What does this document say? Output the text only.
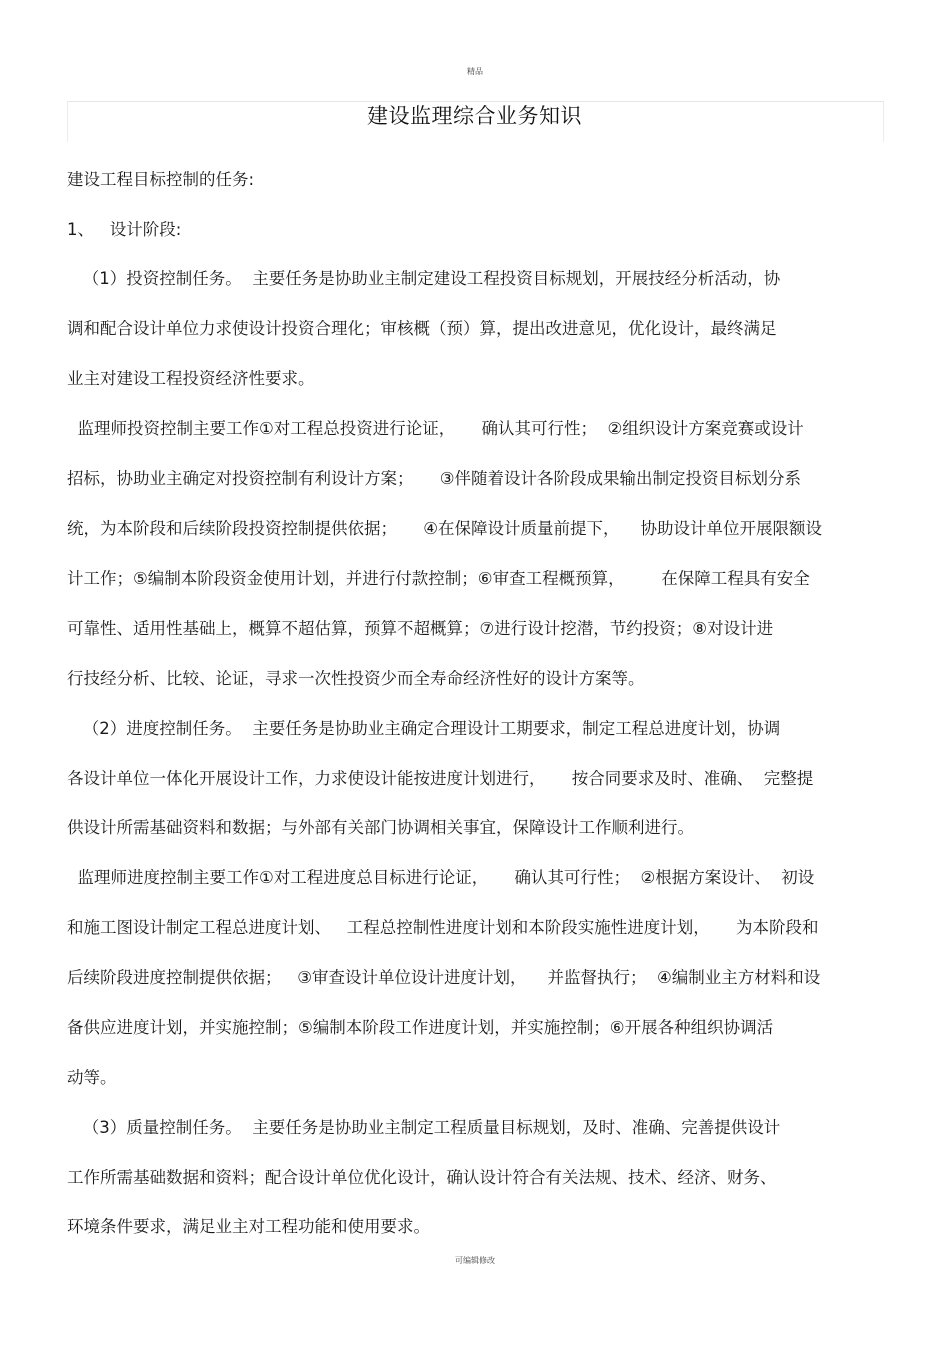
精品
建设监理综合业务知识
建设工程目标控制的任务:
1、   设计阶段:
（1）投资控制任务。  主要任务是协助业主制定建设工程投资目标规划，开展技经分析活动，协
调和配合设计单位力求使设计投资合理化；审核概（预）算，提出改进意见，优化设计，最终满足
业主对建设工程投资经济性要求。
监理师投资控制主要工作①对工程总投资进行论证，     确认其可行性；  ②组织设计方案竞赛或设计
招标，协助业主确定对投资控制有利设计方案；     ③伴随着设计各阶段成果输出制定投资目标划分系
统，为本阶段和后续阶段投资控制提供依据；     ④在保障设计质量前提下，    协助设计单位开展限额设
计工作；⑤编制本阶段资金使用计划，并进行付款控制；⑥审查工程概预算，       在保障工程具有安全
可靠性、适用性基础上，概算不超估算，预算不超概算；⑦进行设计挖潜，节约投资；⑧对设计进
行技经分析、比较、论证，寻求一次性投资少而全寿命经济性好的设计方案等。
（2）进度控制任务。  主要任务是协助业主确定合理设计工期要求，制定工程总进度计划，协调
各设计单位一体化开展设计工作，力求使设计能按进度计划进行，     按合同要求及时、准确、  完整提
供设计所需基础资料和数据；与外部有关部门协调相关事宜，保障设计工作顺利进行。
监理师进度控制主要工作①对工程进度总目标进行论证，     确认其可行性；  ②根据方案设计、  初设
和施工图设计制定工程总进度计划、   工程总控制性进度计划和本阶段实施性进度计划，     为本阶段和
后续阶段进度控制提供依据；   ③审查设计单位设计进度计划，    并监督执行；  ④编制业主方材料和设
备供应进度计划，并实施控制；⑤编制本阶段工作进度计划，并实施控制；⑥开展各种组织协调活
动等。
（3）质量控制任务。  主要任务是协助业主制定工程质量目标规划，及时、准确、完善提供设计
工作所需基础数据和资料；配合设计单位优化设计，确认设计符合有关法规、技术、经济、财务、
环境条件要求，满足业主对工程功能和使用要求。
可编辑修改
